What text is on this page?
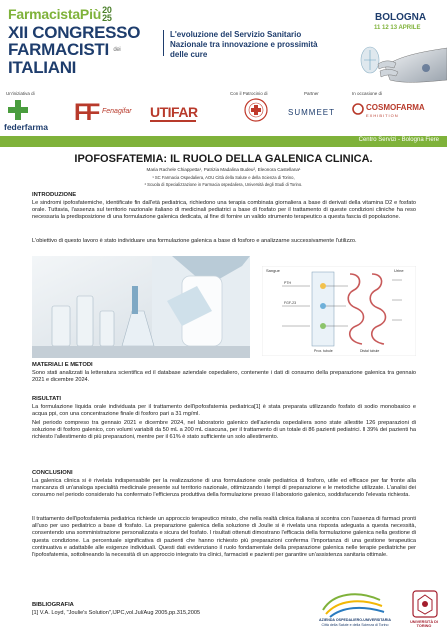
FarmacistaPiù20
25
XII CONGRESSO
FARMACISTI dei
ITALIANI
L'evoluzione del Servizio Sanitario Nazionale tra innovazione e prossimità delle cure
BOLOGNA
11 12 13 APRILE
Un'iniziativa di
federfarma
FF Fenagifar UTIFAR
Con il Patrocinio di	Partner
SUMMEET
In occasione di
COSMOFARMA
EXHIBITION
Centro Servizi - Bologna Fiere
IPOFOSFATEMIA: IL RUOLO DELLA GALENICA CLINICA.
Maria Rachele Chiappetta¹, Patrizia Madalina Budeu², Eleonora Castellana¹
¹ SC Farmacia Ospedaliera, AOU Città della Salute e della Scienza di Torino,
² Scuola di Specializzazione in Farmacia ospedaliera, Università degli Studi di Torino.
INTRODUZIONE

Le sindromi ipofosfatemiche, identificate fin dall'età pediatrica, richiedono una terapia combinata giornaliera a base di derivati della vitamina D2 e fosfato orale. Tuttavia, l'assenza sul territorio nazionale italiano di medicinali pediatrici a base di fosfato per il trattamento di queste condizioni cliniche ha reso necessaria la predisposizione di una formulazione galenica dedicata, al fine di fornire un valido strumento terapeutico a questa fascia di popolazione.

L'obiettivo di questo lavoro è stato individuare una formulazione galenica a base di fosforo e analizzarne successivamente l'utilizzo.

Sangue	Urine
PTH
FGF-23
Prox. tubule	Distal tubule
MATERIALI E METODI

Sono stati analizzati la letteratura scientifica ed il database aziendale ospedaliero, contenente i dati di consumo della preparazione galenica tra gennaio 2021 e dicembre 2024.

RISULTATI

La formulazione liquida orale individuata per il trattamento dell'ipofosfatemia pediatrica[1] è stata preparata utilizzando fosfato di sodio monobasico e acqua ppi, con una concentrazione finale di fosforo pari a 31 mg/ml.

Nel periodo compreso tra gennaio 2021 e dicembre 2024, nel laboratorio galenico dell'azienda ospedaliera sono state allestite 126 preparazioni di soluzione di fosforo galenico, con volumi variabili da 50 mL a 200 mL ciascuna, per il trattamento di un totale di 86 pazienti pediatrici. Il 39% dei pazienti ha richiesto l'allestimento di più preparazioni, mentre per il 61% è stato sufficiente un solo allestimento.

CONCLUSIONI

La galenica clinica si è rivelata indispensabile per la realizzazione di una formulazione orale pediatrica di fosforo, utile ed efficace per far fronte alla mancanza di un'analoga specialità medicinale presente sul territorio nazionale, ottimizzando i tempi di preparazione e le metodiche utilizzate. L'analisi dei consumo nel periodo considerato ha confermato l'efficienza produttiva della formulazione presso il laboratorio galenico, soddisfacendo l'elevata richiesta.

Il trattamento dell'ipofosfatemia pediatrica richiede un approccio terapeutico mirato, che nella realtà clinica italiana si scontra con l'assenza di farmaci pronti all'uso per uso pediatrico a base di fosfato. La preparazione galenica della soluzione di Joulie si è rivelata una risposta adeguata a questa necessità, consentendo una somministrazione personalizzata e sicura del fosfato. I risultati ottenuti dimostrano l'efficacia della formulazione galenica nella gestione di questa condizione. La percentuale significativa di pazienti che hanno richiesto più preparazioni conferma l'importanza di una gestione terapeutica continuativa e adattabile alle esigenze individuali. Questi dati evidenziano il ruolo fondamentale della preparazione galenica nelle terapie pediatriche per l'ipofosfatemia, sottolineando la necessità di un approccio integrato tra clinici, farmacisti e pazienti per garantire un'assistenza sanitaria ottimale.

BIBLIOGRAFIA

[1] V.A. Loyd, "Joulie's Solution",IJPC,vol.Jul/Aug 2005,pp.315,2005

AZIENDA OSPEDALIERO-UNIVERSITARIA
Città della Salute e della Scienza di Torino
UNIVERSITÀ DI TORINO
